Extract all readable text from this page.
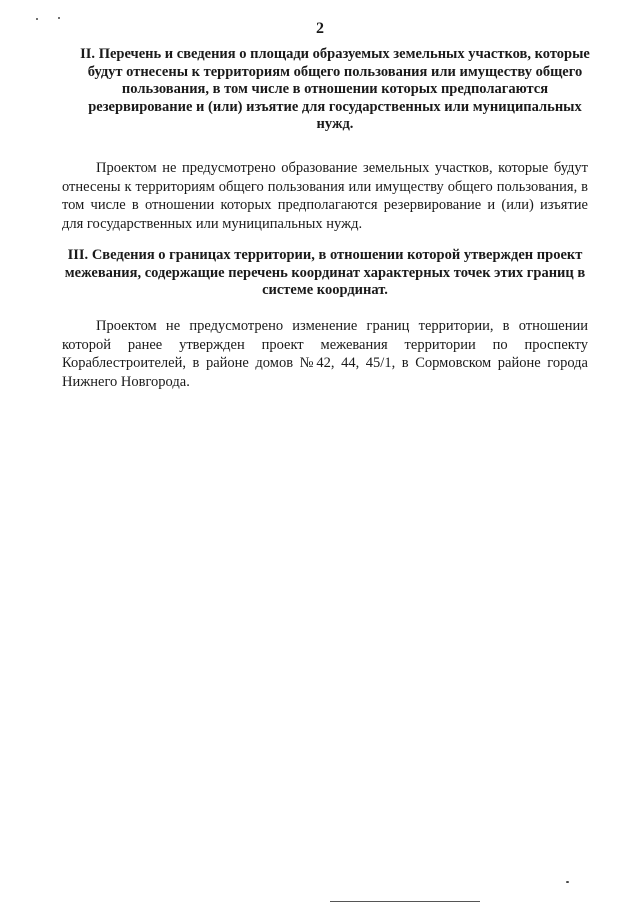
2
II. Перечень и сведения о площади образуемых земельных участков, которые будут отнесены к территориям общего пользования или имуществу общего пользования, в том числе в отношении которых предполагаются резервирование и (или) изъятие для государственных или муниципальных нужд.
Проектом не предусмотрено образование земельных участков, которые будут отнесены к территориям общего пользования или имуществу общего пользования, в том числе в отношении которых предполагаются резервирование и (или) изъятие для государственных или муниципальных нужд.
III. Сведения о границах территории, в отношении которой утвержден проект межевания, содержащие перечень координат характерных точек этих границ в системе координат.
Проектом не предусмотрено изменение границ территории, в отношении которой ранее утвержден проект межевания территории по проспекту Кораблестроителей, в районе домов №42, 44, 45/1, в Сормовском районе города Нижнего Новгорода.
